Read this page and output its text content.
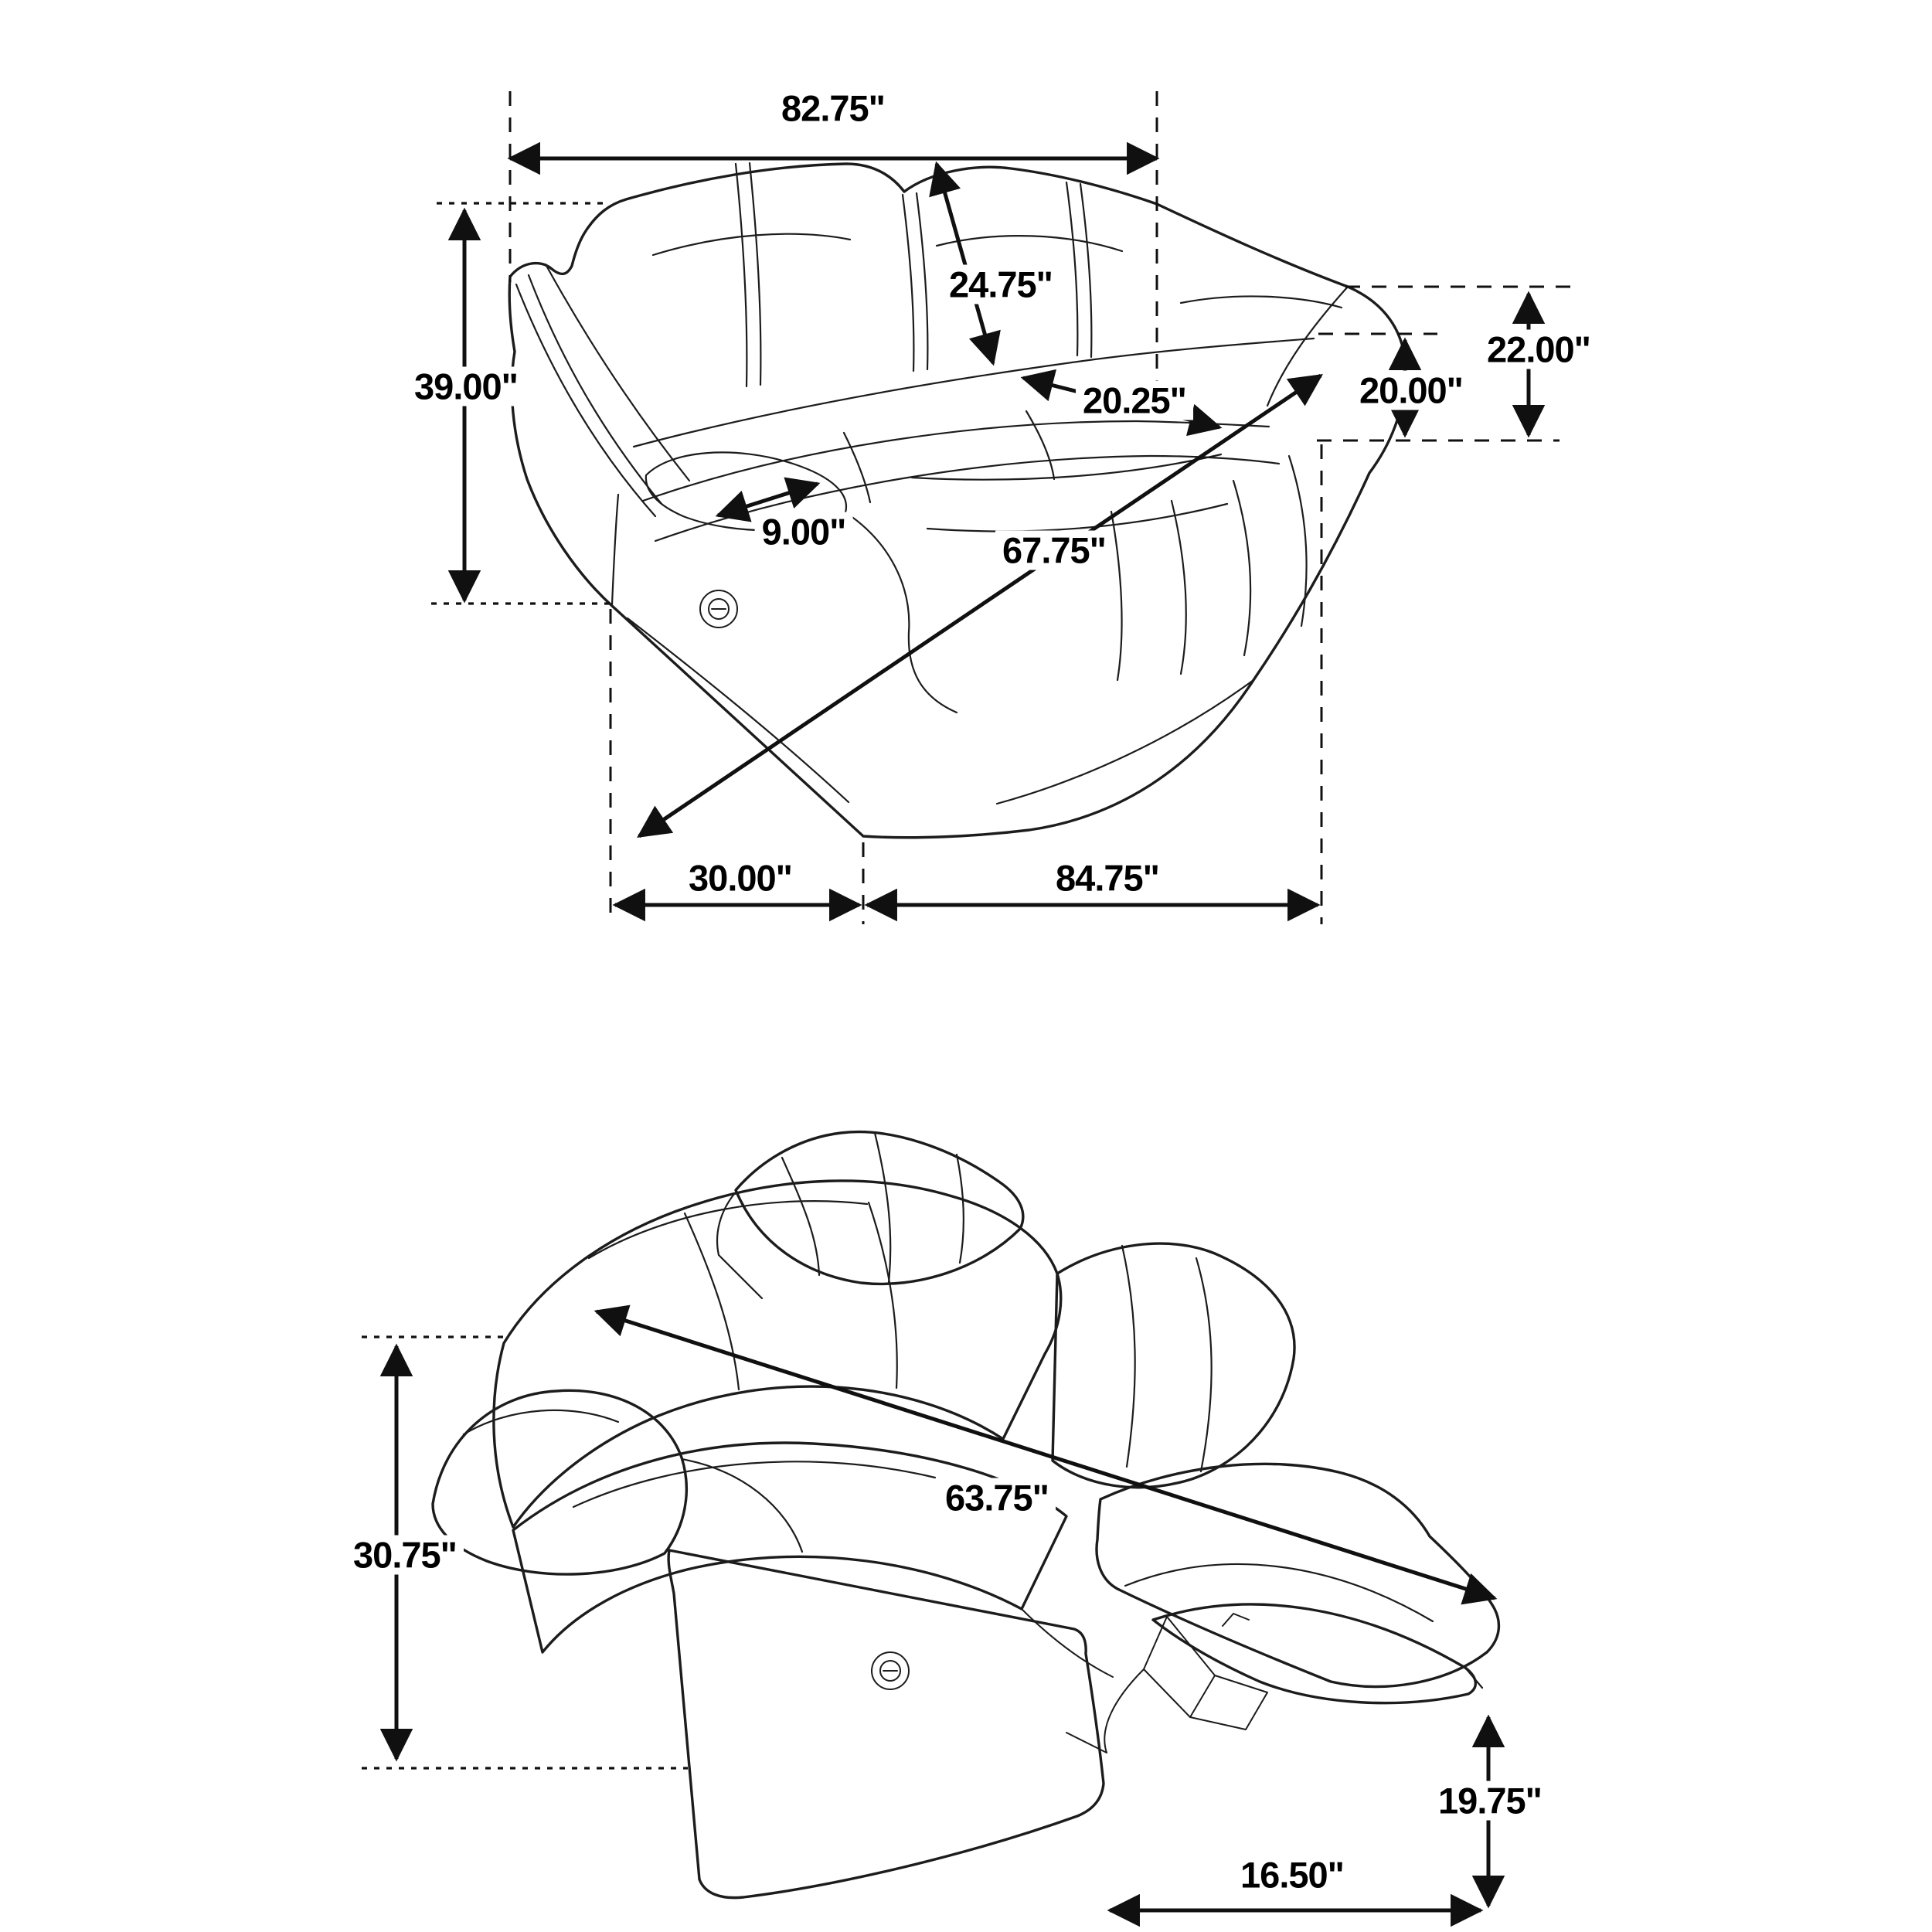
82.75"
24.75"
39.00"	20.25"
22.00"
20.00"
9.00"	67.75"
30.00"	84.75"
63.75"
30.75"
19.75"
16.50"
